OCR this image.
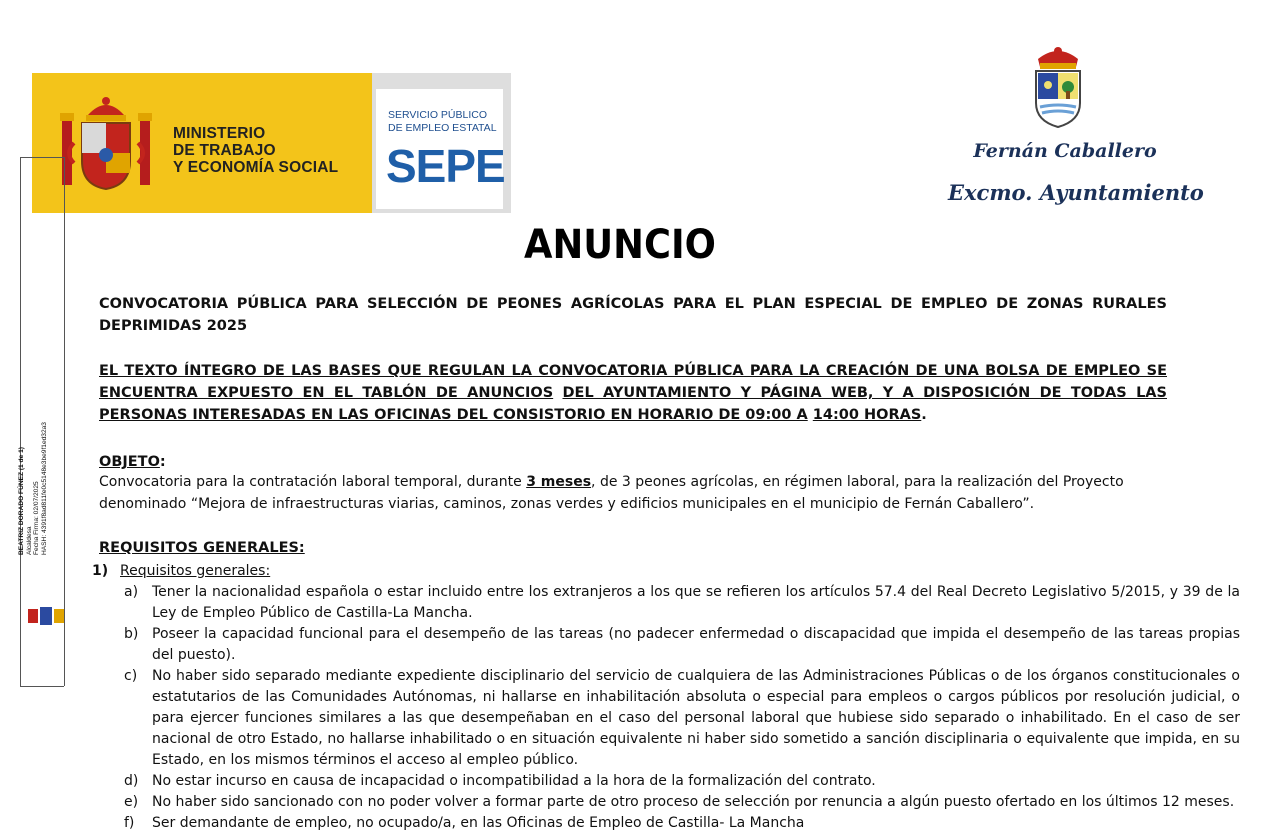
MINISTERIO
DE TRABAJO
Y ECONOMÍA SOCIAL
SERVICIO PÚBLICO
DE EMPLEO ESTATAL
SEPE	Fernán Caballero
Excmo. Ayuntamiento
BEATRIZ DORADO FÚNEZ (1 de 1) Alcaldesa Fecha Firma: 02/07/2025 HASH: 4391f8ad811fe0c5148e3be9f1ed32a3
ANUNCIO
CONVOCATORIA PÚBLICA PARA SELECCIÓN DE PEONES AGRÍCOLAS PARA EL PLAN ESPECIAL DE EMPLEO DE ZONAS RURALES DEPRIMIDAS 2025
EL TEXTO ÍNTEGRO DE LAS BASES QUE REGULAN LA CONVOCATORIA PÚBLICA PARA LA CREACIÓN DE UNA BOLSA DE EMPLEO SE ENCUENTRA EXPUESTO EN EL TABLÓN DE ANUNCIOS DEL AYUNTAMIENTO Y PÁGINA WEB, Y A DISPOSICIÓN DE TODAS LAS PERSONAS INTERESADAS EN LAS OFICINAS DEL CONSISTORIO EN HORARIO DE 09:00 A 14:00 HORAS.
OBJETO:
Convocatoria para la contratación laboral temporal, durante 3 meses, de 3 peones agrícolas, en régimen laboral, para la realización del Proyecto denominado “Mejora de infraestructuras viarias, caminos, zonas verdes y edificios municipales en el municipio de Fernán Caballero”.
REQUISITOS GENERALES:
1) Requisitos generales:
a) Tener la nacionalidad española o estar incluido entre los extranjeros a los que se refieren los artículos 57.4 del Real Decreto Legislativo 5/2015, y 39 de la Ley de Empleo Público de Castilla-La Mancha.
b) Poseer la capacidad funcional para el desempeño de las tareas (no padecer enfermedad o discapacidad que impida el desempeño de las tareas propias del puesto).
c) No haber sido separado mediante expediente disciplinario del servicio de cualquiera de las Administraciones Públicas o de los órganos constitucionales o estatutarios de las Comunidades Autónomas, ni hallarse en inhabilitación absoluta o especial para empleos o cargos públicos por resolución judicial, o para ejercer funciones similares a las que desempeñaban en el caso del personal laboral que hubiese sido separado o inhabilitado. En el caso de ser nacional de otro Estado, no hallarse inhabilitado o en situación equivalente ni haber sido sometido a sanción disciplinaria o equivalente que impida, en su Estado, en los mismos términos el acceso al empleo público.
d) No estar incurso en causa de incapacidad o incompatibilidad a la hora de la formalización del contrato.
e) No haber sido sancionado con no poder volver a formar parte de otro proceso de selección por renuncia a algún puesto ofertado en los últimos 12 meses.
f) Ser demandante de empleo, no ocupado/a, en las Oficinas de Empleo de Castilla- La Mancha
